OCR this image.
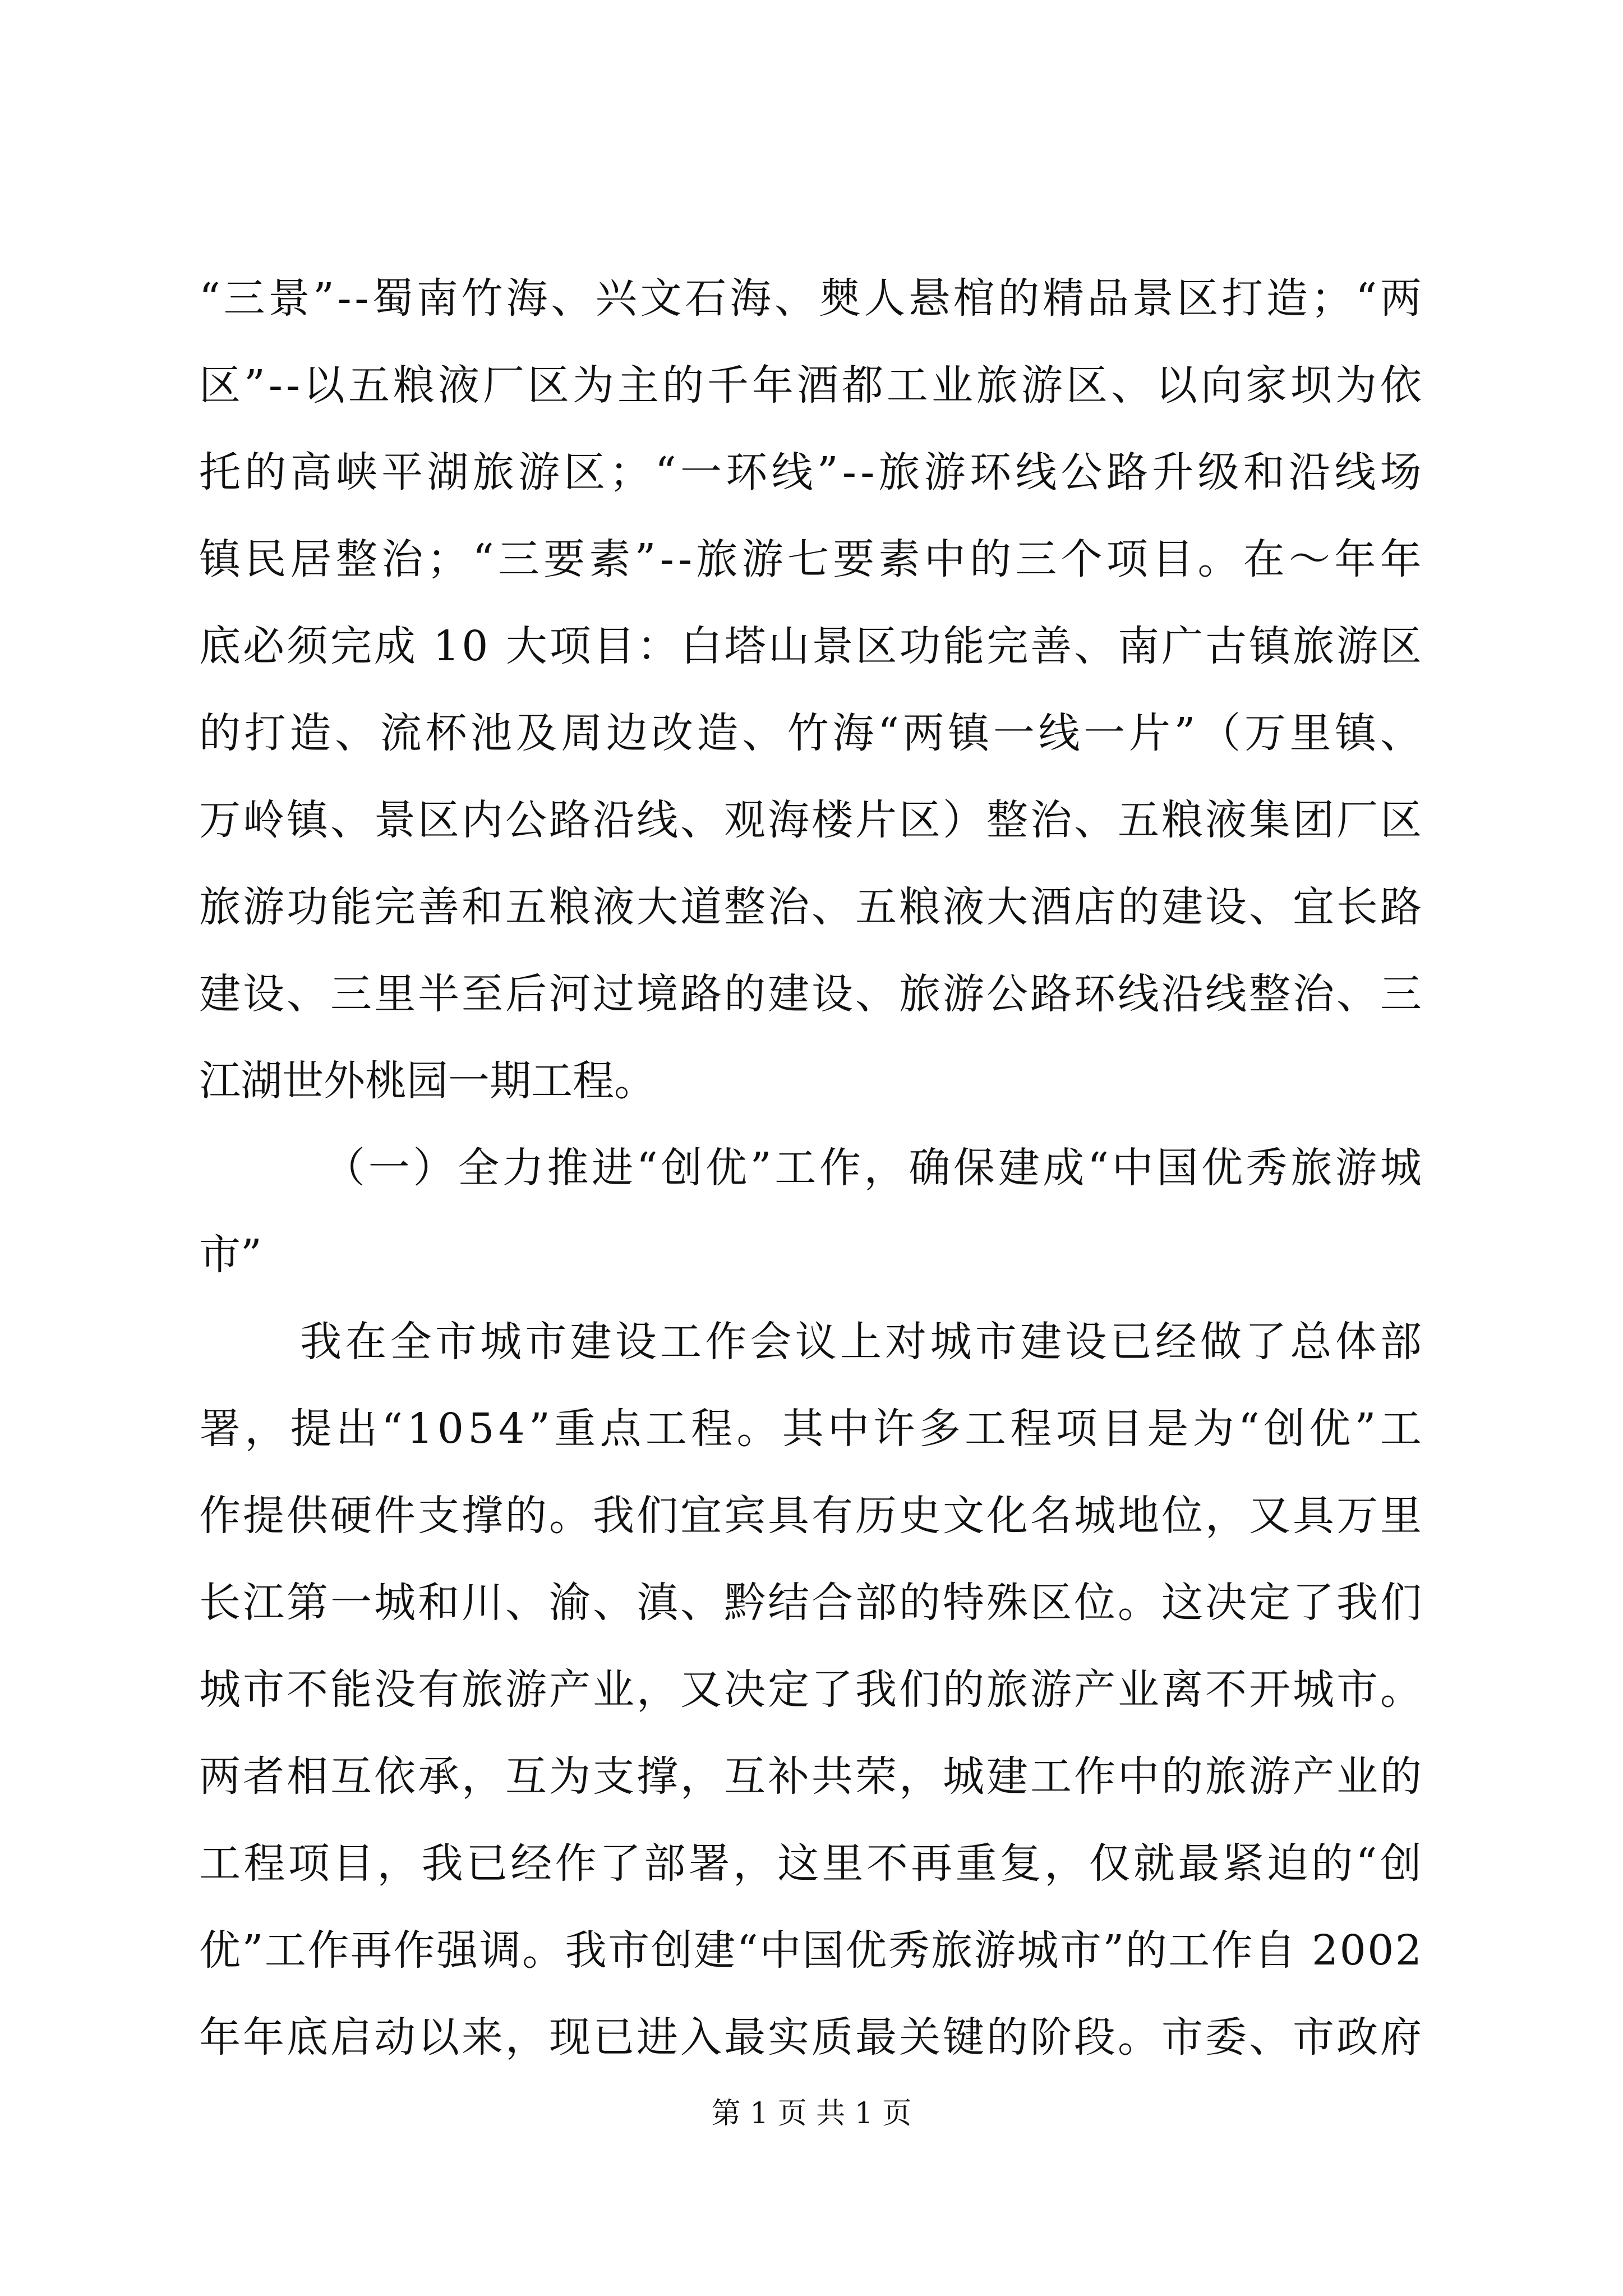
“ 三 景 ” - - 蜀 南 竹 海 、 兴 文 石 海 、 僰 人 悬 棺 的 精 品 景 区 打 造 ； “ 两
区 ” - - 以 五 粮 液 厂 区 为 主 的 千 年 酒 都 工 业 旅 游 区 、 以 向 家 坝 为 依
托 的 高 峡 平 湖 旅 游 区 ； “ 一 环 线 ” - - 旅 游 环 线 公 路 升 级 和 沿 线 场
镇 民 居 整 治 ； “ 三 要 素 ” - - 旅 游 七 要 素 中 的 三 个 项 目 。 在 ～ 年 年
底 必 须 完 成
1 0
大 项 目 ： 白 塔 山 景 区 功 能 完 善 、 南 广 古 镇 旅 游 区
的 打 造 、 流 杯 池 及 周 边 改 造 、 竹 海 “ 两 镇 一 线 一 片 ” （ 万 里 镇 、
万 岭 镇 、 景 区 内 公 路 沿 线 、 观 海 楼 片 区 ） 整 治 、 五 粮 液 集 团 厂 区
旅 游 功 能 完 善 和 五 粮 液 大 道 整 治 、 五 粮 液 大 酒 店 的 建 设 、 宜 长 路
建 设 、 三 里 半 至 后 河 过 境 路 的 建 设 、 旅 游 公 路 环 线 沿 线 整 治 、 三
江湖世外桃园一期工程。
（ 一 ） 全 力 推 进 “ 创 优 ” 工 作 ， 确 保 建 成 “ 中 国 优 秀 旅 游 城
市”
我 在 全 市 城 市 建 设 工 作 会 议 上 对 城 市 建 设 已 经 做 了 总 体 部
署 ， 提 出 “ 1 0 5 4 ” 重 点 工 程 。 其 中 许 多 工 程 项 目 是 为 “ 创 优 ” 工
作 提 供 硬 件 支 撑 的 。 我 们 宜 宾 具 有 历 史 文 化 名 城 地 位 ， 又 具 万 里
长 江 第 一 城 和 川 、 渝 、 滇 、 黔 结 合 部 的 特 殊 区 位 。 这 决 定 了 我 们
城 市 不 能 没 有 旅 游 产 业 ， 又 决 定 了 我 们 的 旅 游 产 业 离 不 开 城 市 。
两 者 相 互 依 承 ， 互 为 支 撑 ， 互 补 共 荣 ， 城 建 工 作 中 的 旅 游 产 业 的
工 程 项 目 ， 我 已 经 作 了 部 署 ， 这 里 不 再 重 复 ， 仅 就 最 紧 迫 的 “ 创
优 ” 工 作 再 作 强 调 。 我 市 创 建 “ 中 国 优 秀 旅 游 城 市 ” 的 工 作 自
2 0 0 2
年 年 底 启 动 以 来 ， 现 已 进 入 最 实 质 最 关 键 的 阶 段 。 市 委 、 市 政 府
第 1 页 共 1 页
